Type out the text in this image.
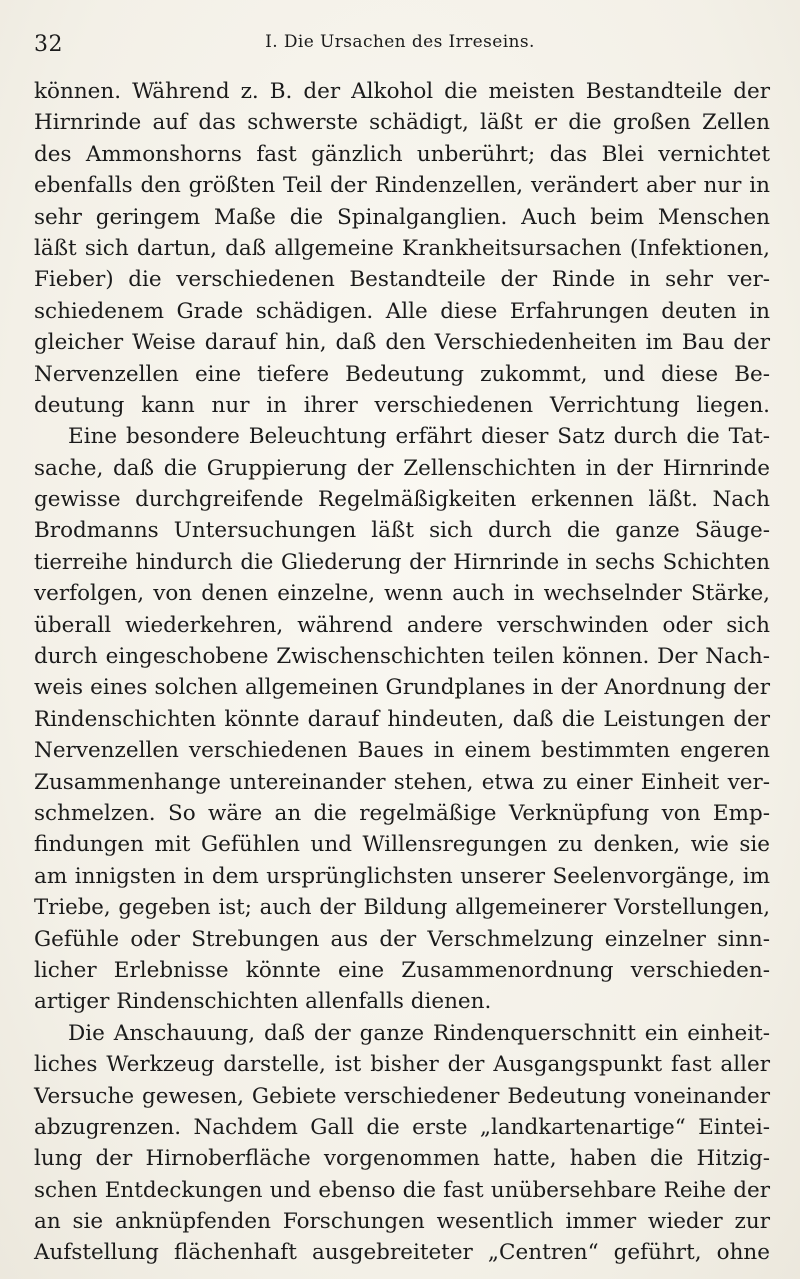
32	I. Die Ursachen des Irreseins.
können. Während z. B. der Alkohol die meisten Bestandteile der
Hirnrinde auf das schwerste schädigt, läßt er die großen Zellen
des Ammonshorns fast gänzlich unberührt; das Blei vernichtet
ebenfalls den größten Teil der Rindenzellen, verändert aber nur in
sehr geringem Maße die Spinalganglien. Auch beim Menschen
läßt sich dartun, daß allgemeine Krankheitsursachen (Infektionen,
Fieber) die verschiedenen Bestandteile der Rinde in sehr ver-
schiedenem Grade schädigen. Alle diese Erfahrungen deuten in
gleicher Weise darauf hin, daß den Verschiedenheiten im Bau der
Nervenzellen eine tiefere Bedeutung zukommt, und diese Be-
deutung kann nur in ihrer verschiedenen Verrichtung liegen.
Eine besondere Beleuchtung erfährt dieser Satz durch die Tat-
sache, daß die Gruppierung der Zellenschichten in der Hirnrinde
gewisse durchgreifende Regelmäßigkeiten erkennen läßt. Nach
Brodmanns Untersuchungen läßt sich durch die ganze Säuge-
tierreihe hindurch die Gliederung der Hirnrinde in sechs Schichten
verfolgen, von denen einzelne, wenn auch in wechselnder Stärke,
überall wiederkehren, während andere verschwinden oder sich
durch eingeschobene Zwischenschichten teilen können. Der Nach-
weis eines solchen allgemeinen Grundplanes in der Anordnung der
Rindenschichten könnte darauf hindeuten, daß die Leistungen der
Nervenzellen verschiedenen Baues in einem bestimmten engeren
Zusammenhange untereinander stehen, etwa zu einer Einheit ver-
schmelzen. So wäre an die regelmäßige Verknüpfung von Emp-
findungen mit Gefühlen und Willensregungen zu denken, wie sie
am innigsten in dem ursprünglichsten unserer Seelenvorgänge, im
Triebe, gegeben ist; auch der Bildung allgemeinerer Vorstellungen,
Gefühle oder Strebungen aus der Verschmelzung einzelner sinn-
licher Erlebnisse könnte eine Zusammenordnung verschieden-
artiger Rindenschichten allenfalls dienen.
Die Anschauung, daß der ganze Rindenquerschnitt ein einheit-
liches Werkzeug darstelle, ist bisher der Ausgangspunkt fast aller
Versuche gewesen, Gebiete verschiedener Bedeutung voneinander
abzugrenzen. Nachdem Gall die erste „landkartenartige“ Eintei-
lung der Hirnoberfläche vorgenommen hatte, haben die Hitzig-
schen Entdeckungen und ebenso die fast unübersehbare Reihe der
an sie anknüpfenden Forschungen wesentlich immer wieder zur
Aufstellung flächenhaft ausgebreiteter „Centren“ geführt, ohne
